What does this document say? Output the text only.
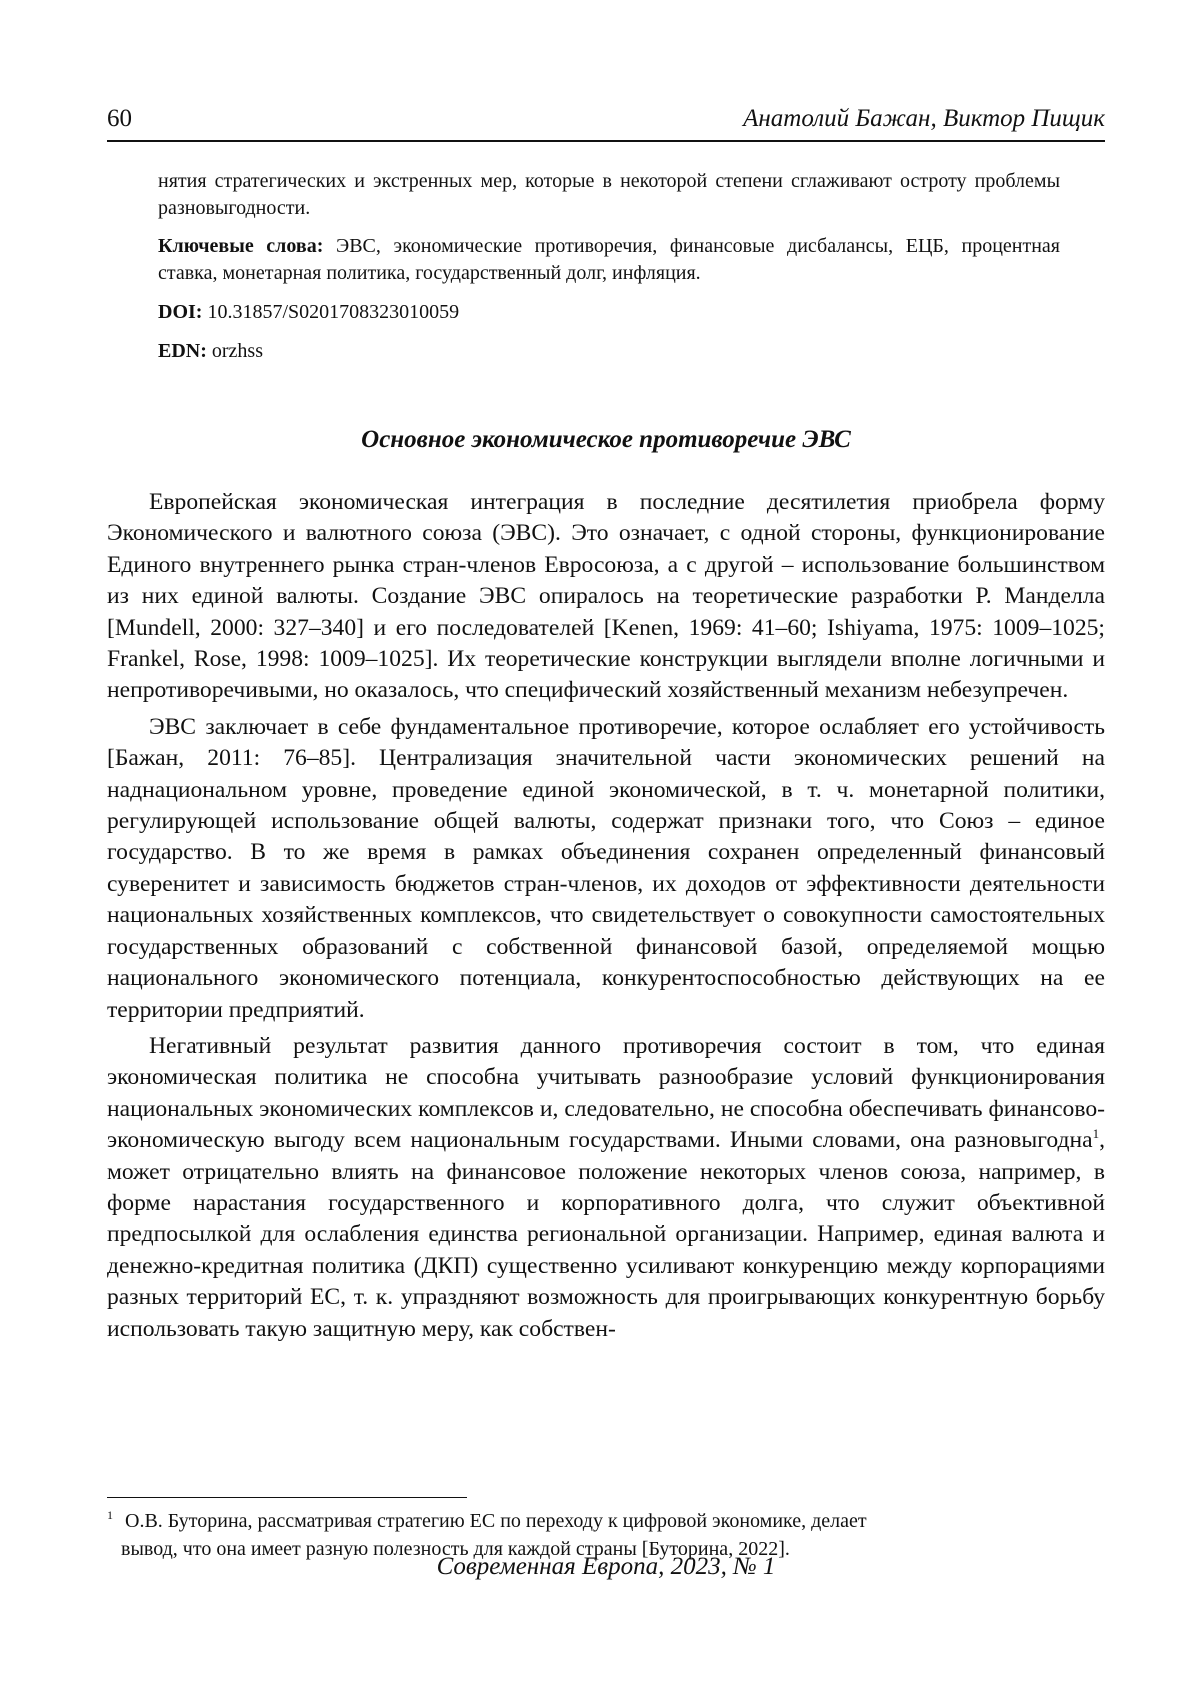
60	Анатолий Бажан, Виктор Пищик

нятия стратегических и экстренных мер, которые в некоторой степени сглаживают остроту проблемы разновыгодности.

Ключевые слова: ЭВС, экономические противоречия, финансовые дисбалансы, ЕЦБ, процентная ставка, монетарная политика, государственный долг, инфляция.

DOI: 10.31857/S0201708323010059

EDN: orzhss

Основное экономическое противоречие ЭВС

Европейская экономическая интеграция в последние десятилетия приобрела форму Экономического и валютного союза (ЭВС). Это означает, с одной стороны, функционирование Единого внутреннего рынка стран-членов Евросоюза, а с другой – использование большинством из них единой валюты. Создание ЭВС опиралось на теоретические разработки Р. Манделла [Mundell, 2000: 327–340] и его последователей [Kenen, 1969: 41–60; Ishiyama, 1975: 1009–1025; Frankel, Rose, 1998: 1009–1025]. Их теоретические конструкции выглядели вполне логичными и непротиворечивыми, но оказалось, что специфический хозяйственный механизм небезупречен.

ЭВС заключает в себе фундаментальное противоречие, которое ослабляет его устойчивость [Бажан, 2011: 76–85]. Централизация значительной части экономических решений на наднациональном уровне, проведение единой экономической, в т. ч. монетарной политики, регулирующей использование общей валюты, содержат признаки того, что Союз – единое государство. В то же время в рамках объединения сохранен определенный финансовый суверенитет и зависимость бюджетов стран-членов, их доходов от эффективности деятельности национальных хозяйственных комплексов, что свидетельствует о совокупности самостоятельных государственных образований с собственной финансовой базой, определяемой мощью национального экономического потенциала, конкурентоспособностью действующих на ее территории предприятий.

Негативный результат развития данного противоречия состоит в том, что единая экономическая политика не способна учитывать разнообразие условий функционирования национальных экономических комплексов и, следовательно, не способна обеспечивать финансово-экономическую выгоду всем национальным государствами. Иными словами, она разновыгодна$^1$, может отрицательно влиять на финансовое положение некоторых членов союза, например, в форме нарастания государственного и корпоративного долга, что служит объективной предпосылкой для ослабления единства региональной организации. Например, единая валюта и денежно-кредитная политика (ДКП) существенно усиливают конкуренцию между корпорациями разных территорий ЕС, т. к. упраздняют возможность для проигрывающих конкурентную борьбу использовать такую защитную меру, как собствен-

$^1$ О.В. Буторина, рассматривая стратегию ЕС по переходу к цифровой экономике, делает
вывод, что она имеет разную полезность для каждой страны [Буторина, 2022].
Современная Европа, 2023, № 1
